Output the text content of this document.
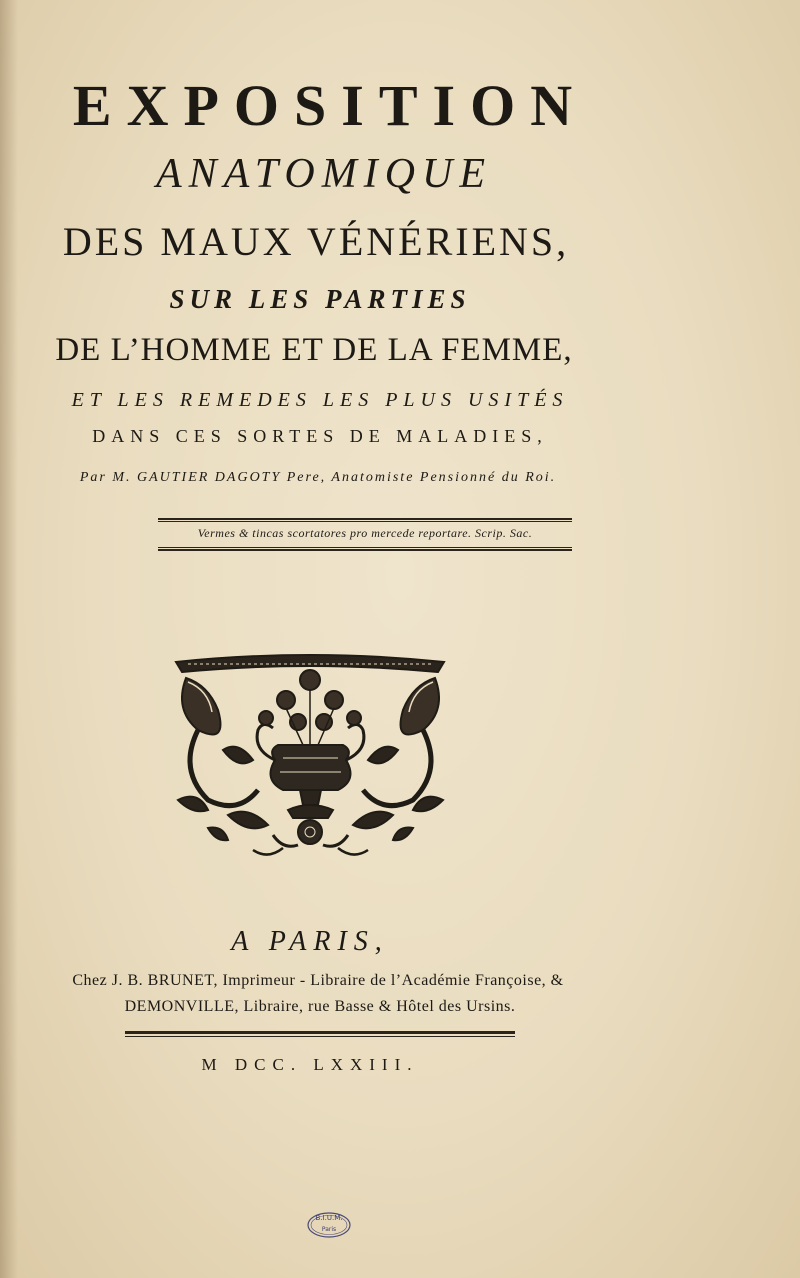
EXPOSITION
ANATOMIQUE
DES MAUX VÉNÉRIENS,
SUR LES PARTIES
DE L’HOMME ET DE LA FEMME,
ET LES REMEDES LES PLUS USITÉS
DANS CES SORTES DE MALADIES,
Par M. GAUTIER DAGOTY Pere, Anatomiste Pensionné du Roi.
Vermes & tincas scortatores pro mercede reportare. Scrip. Sac.
A PARIS,
Chez J. B. BRUNET, Imprimeur - Libraire de l’Académie Françoise, &
DEMONVILLE, Libraire, rue Basse & Hôtel des Ursins.
M DCC. LXXIII.
B.I.U.M.
Paris
